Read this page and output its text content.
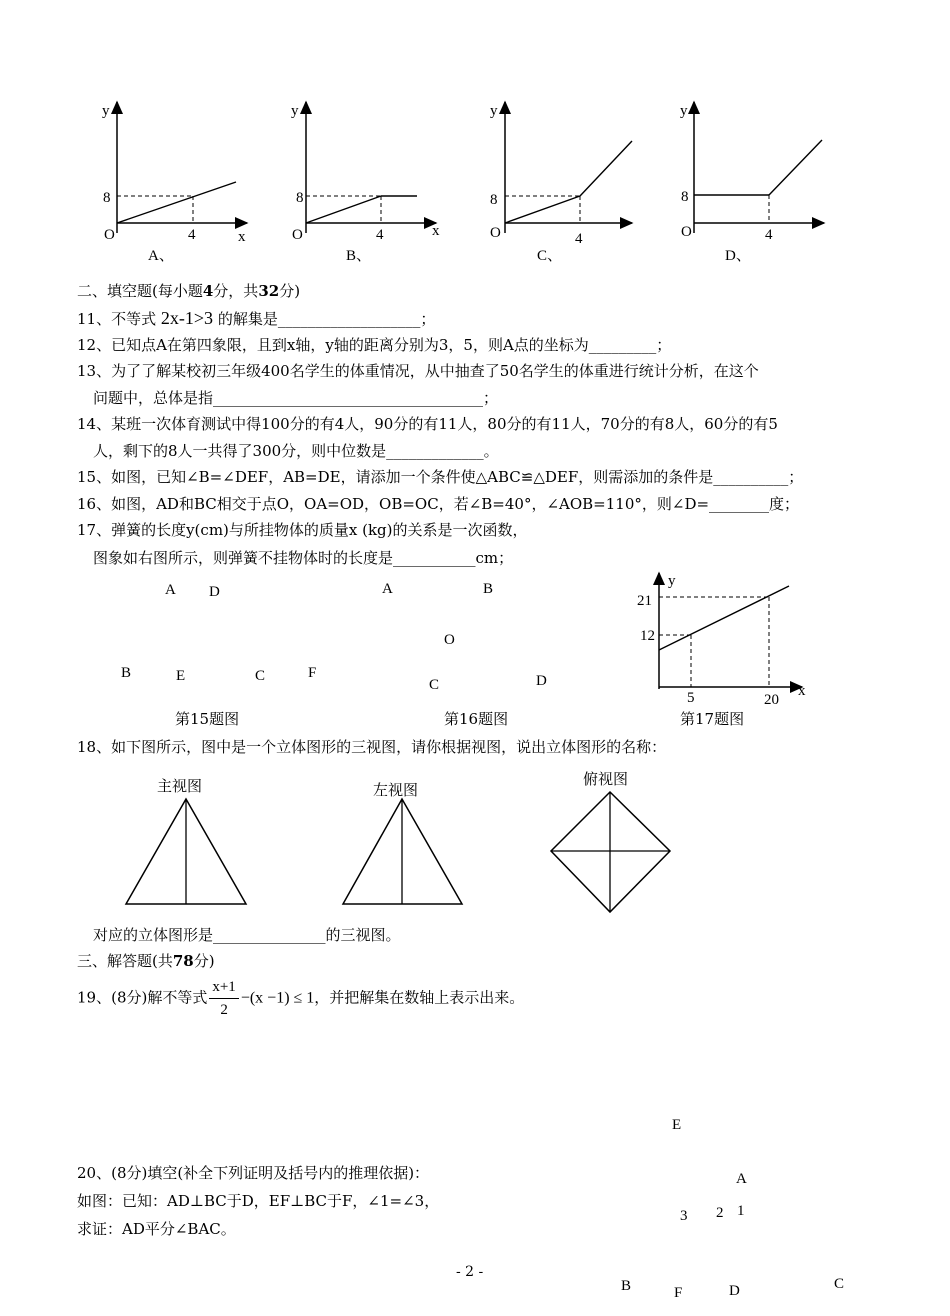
y
8
O	4	x
A、
y
8
O	4	x
B、
y
8
O	4
C、
y
8
O	4
D、
二、填空题(每小题4分，共32分)
11、不等式 2x-1>3 的解集是___________________；
12、已知点A在第四象限，且到x轴，y轴的距离分别为3，5，则A点的坐标为_________；
13、为了了解某校初三年级400名学生的体重情况，从中抽查了50名学生的体重进行统计分析，在这个
问题中，总体是指____________________________________；
14、某班一次体育测试中得100分的有4人，90分的有11人，80分的有11人，70分的有8人，60分的有5
人，剩下的8人一共得了300分，则中位数是_____________。
15、如图，已知∠B=∠DEF，AB=DE，请添加一个条件使△ABC≌△DEF，则需添加的条件是__________；
16、如图，AD和BC相交于点O，OA=OD，OB=OC，若∠B=40°，∠AOB=110°，则∠D=________度；
17、弹簧的长度y(cm)与所挂物体的质量x (kg)的关系是一次函数，
图象如右图所示，则弹簧不挂物体时的长度是___________cm；
A D
B	E	C	F
第15题图
A	B
O
C	D
第16题图
y
21
12
5	20
x
第17题图
18、如下图所示，图中是一个立体图形的三视图，请你根据视图，说出立体图形的名称：
主视图	左视图
俯视图
对应的立体图形是_______________的三视图。
三、解答题(共78分)
19、(8分)解不等式 $\frac{x+1}{2} -(x -1) \le 1$，并把解集在数轴上表示出来。
20、(8分)填空(补全下列证明及括号内的推理依据)：
如图：已知：AD⊥BC于D，EF⊥BC于F，∠1=∠3，
求证：AD平分∠BAC。
E
A
3 2 1
B	F	D	C
- 2 -
